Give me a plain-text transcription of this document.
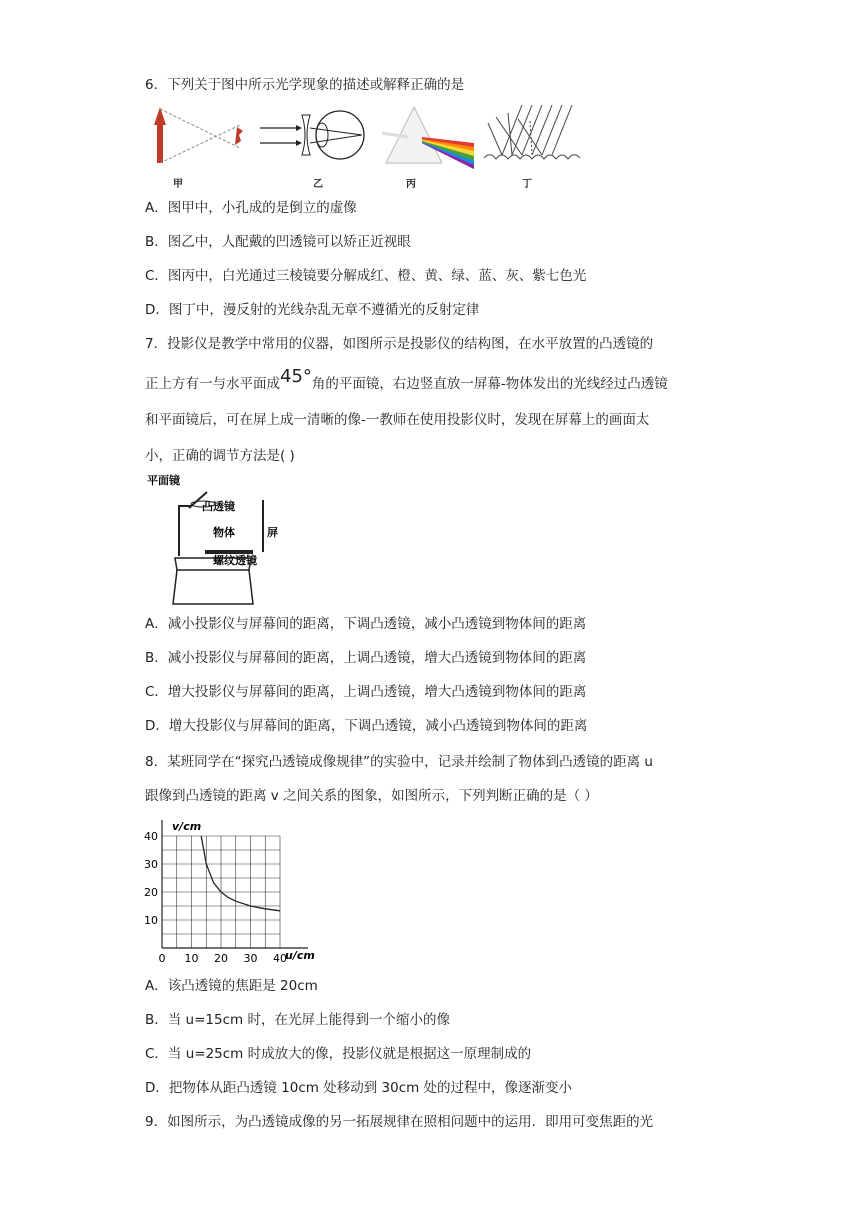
6．下列关于图中所示光学现象的描述或解释正确的是
甲	乙	丙	丁
A．图甲中，小孔成的是倒立的虚像
B．图乙中，人配戴的凹透镜可以矫正近视眼
C．图丙中，白光通过三棱镜要分解成红、橙、黄、绿、蓝、灰、紫七色光
D．图丁中，漫反射的光线杂乱无章不遵循光的反射定律
7．投影仪是教学中常用的仪器，如图所示是投影仪的结构图，在水平放置的凸透镜的
正上方有一与水平面成45°角的平面镜，右边竖直放一屏幕‐物体发出的光线经过凸透镜
和平面镜后，可在屏上成一清晰的像‐一教师在使用投影仪时，发现在屏幕上的画面太
小，正确的调节方法是( )
平面镜
凸透镜
物体	屏
螺纹透镜
A．减小投影仪与屏幕间的距离，下调凸透镜，减小凸透镜到物体间的距离
B．减小投影仪与屏幕间的距离，上调凸透镜，增大凸透镜到物体间的距离
C．增大投影仪与屏幕间的距离，上调凸透镜，增大凸透镜到物体间的距离
D．增大投影仪与屏幕间的距离，下调凸透镜，减小凸透镜到物体间的距离
8．某班同学在“探究凸透镜成像规律”的实验中，记录并绘制了物体到凸透镜的距离 u
跟像到凸透镜的距离 v 之间关系的图象，如图所示，下列判断正确的是（ ）
0 10 20 30 40
10
20
30
40
v/cm
u/cm
A．该凸透镜的焦距是 20cm
B．当 u=15cm 时，在光屏上能得到一个缩小的像
C．当 u=25cm 时成放大的像，投影仪就是根据这一原理制成的
D．把物体从距凸透镜 10cm 处移动到 30cm 处的过程中，像逐渐变小
9．如图所示，为凸透镜成像的另一拓展规律在照相问题中的运用．即用可变焦距的光
